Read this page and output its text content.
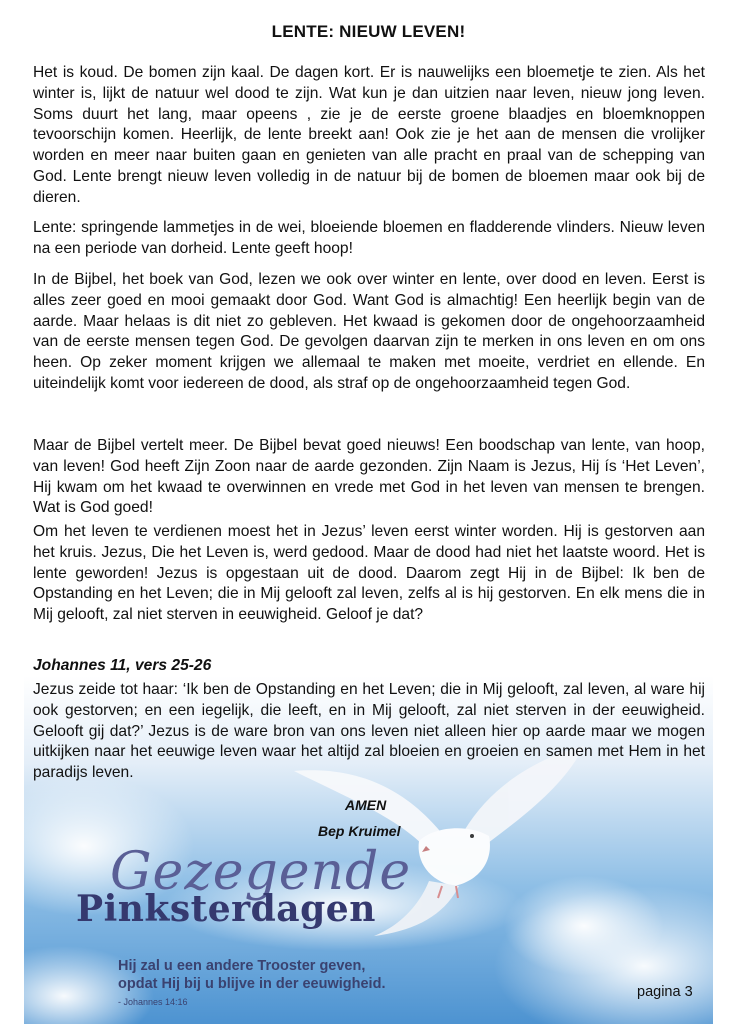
LENTE: NIEUW LEVEN!

Het is koud. De bomen zijn kaal. De dagen kort. Er is nauwelijks een bloemetje te zien. Als het winter is, lijkt de natuur wel dood te zijn. Wat kun je dan uitzien naar leven, nieuw jong leven. Soms duurt het lang, maar opeens , zie je de eerste groene blaadjes en bloemknoppen tevoorschijn komen. Heerlijk, de lente breekt aan! Ook zie je het aan de mensen die vrolijker worden en meer naar buiten gaan en genieten van alle pracht en praal van de schepping van God. Lente brengt nieuw leven volledig in de natuur bij de bomen de bloemen maar ook bij de dieren.

Lente: springende lammetjes in de wei, bloeiende bloemen en fladderende vlinders. Nieuw leven na een periode van dorheid. Lente geeft hoop!

In de Bijbel, het boek van God, lezen we ook over winter en lente, over dood en leven. Eerst is alles zeer goed en mooi gemaakt door God. Want God is almachtig! Een heerlijk begin van de aarde. Maar helaas is dit niet zo gebleven. Het kwaad is gekomen door de ongehoorzaamheid van de eerste mensen tegen God. De gevolgen daarvan zijn te merken in ons leven en om ons heen. Op zeker moment krijgen we allemaal te maken met moeite, verdriet en ellende. En uiteindelijk komt voor iedereen de dood, als straf op de ongehoorzaamheid tegen God.

Maar de Bijbel vertelt meer. De Bijbel bevat goed nieuws! Een boodschap van lente, van hoop, van leven! God heeft Zijn Zoon naar de aarde gezonden. Zijn Naam is Jezus, Hij ís ‘Het Leven’, Hij kwam om het kwaad te overwinnen en vrede met God in het leven van mensen te brengen. Wat is God goed!

Om het leven te verdienen moest het in Jezus’ leven eerst winter worden. Hij is gestorven aan het kruis. Jezus, Die het Leven is, werd gedood. Maar de dood had niet het laatste woord. Het is lente geworden! Jezus is opgestaan uit de dood. Daarom zegt Hij in de Bijbel: Ik ben de Opstanding en het Leven; die in Mij gelooft zal leven, zelfs al is hij gestorven. En elk mens die in Mij gelooft, zal niet sterven in eeuwigheid. Geloof je dat?

Johannes 11, vers 25-26

Jezus zeide tot haar: ‘Ik ben de Opstanding en het Leven; die in Mij gelooft, zal leven, al ware hij ook gestorven; en een iegelijk, die leeft, en in Mij gelooft, zal niet sterven in der eeuwigheid. Gelooft gij dat?’ Jezus is de ware bron van ons leven niet alleen hier op aarde maar we mogen uitkijken naar het eeuwige leven waar het altijd zal bloeien en groeien en samen met Hem in het paradijs leven.

AMEN
Bep Kruimel
Gezegende
Pinksterdagen
Hij zal u een andere Trooster geven,
opdat Hij bij u blijve in der eeuwigheid.
- Johannes 14:16
pagina 3
